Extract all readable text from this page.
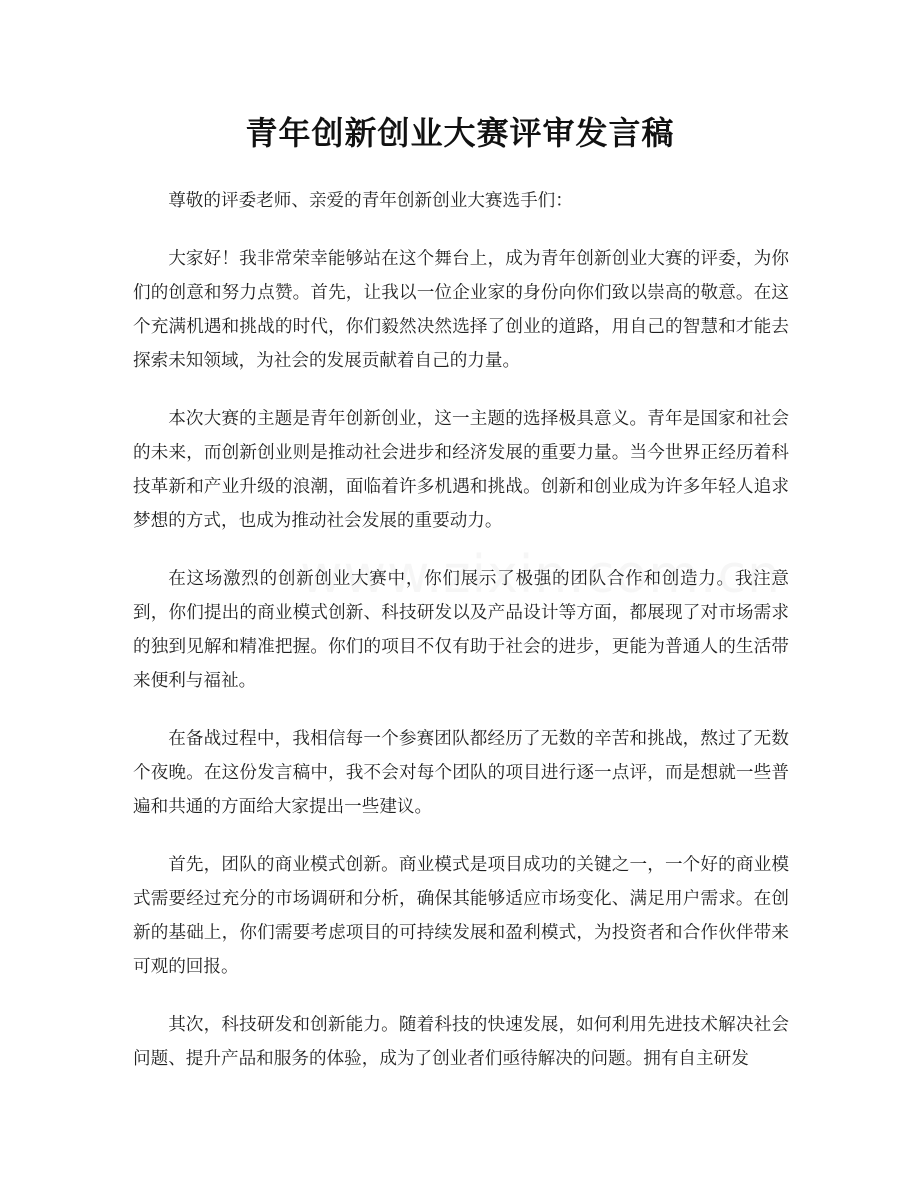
青年创新创业大赛评审发言稿

尊敬的评委老师、亲爱的青年创新创业大赛选手们：

大家好！我非常荣幸能够站在这个舞台上，成为青年创新创业大赛的评委，为你们的创意和努力点赞。首先，让我以一位企业家的身份向你们致以崇高的敬意。在这个充满机遇和挑战的时代，你们毅然决然选择了创业的道路，用自己的智慧和才能去探索未知领域，为社会的发展贡献着自己的力量。

本次大赛的主题是青年创新创业，这一主题的选择极具意义。青年是国家和社会的未来，而创新创业则是推动社会进步和经济发展的重要力量。当今世界正经历着科技革新和产业升级的浪潮，面临着许多机遇和挑战。创新和创业成为许多年轻人追求梦想的方式，也成为推动社会发展的重要动力。

在这场激烈的创新创业大赛中，你们展示了极强的团队合作和创造力。我注意到，你们提出的商业模式创新、科技研发以及产品设计等方面，都展现了对市场需求的独到见解和精准把握。你们的项目不仅有助于社会的进步，更能为普通人的生活带来便利与福祉。

在备战过程中，我相信每一个参赛团队都经历了无数的辛苦和挑战，熬过了无数个夜晚。在这份发言稿中，我不会对每个团队的项目进行逐一点评，而是想就一些普遍和共通的方面给大家提出一些建议。

首先，团队的商业模式创新。商业模式是项目成功的关键之一，一个好的商业模式需要经过充分的市场调研和分析，确保其能够适应市场变化、满足用户需求。在创新的基础上，你们需要考虑项目的可持续发展和盈利模式，为投资者和合作伙伴带来可观的回报。

其次，科技研发和创新能力。随着科技的快速发展，如何利用先进技术解决社会问题、提升产品和服务的体验，成为了创业者们亟待解决的问题。拥有自主研发
